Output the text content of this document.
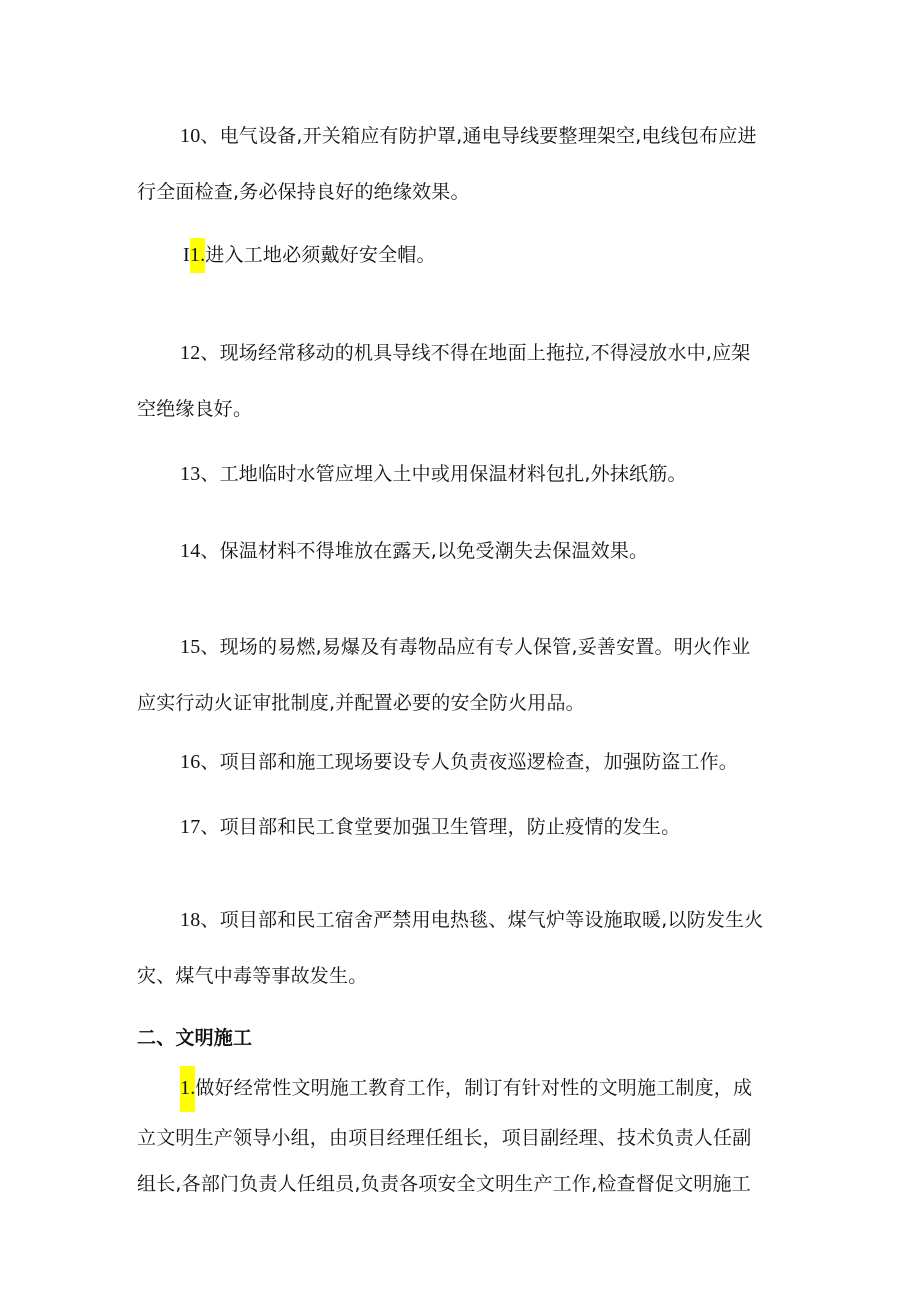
10、电气设备,开关箱应有防护罩,通电导线要整理架空,电线包布应进
行全面检查,务必保持良好的绝缘效果。
I1.进入工地必须戴好安全帽。
12、现场经常移动的机具导线不得在地面上拖拉,不得浸放水中,应架
空绝缘良好。
13、工地临时水管应埋入土中或用保温材料包扎,外抹纸筋。
14、保温材料不得堆放在露天,以免受潮失去保温效果。
15、现场的易燃,易爆及有毒物品应有专人保管,妥善安置。明火作业
应实行动火证审批制度,并配置必要的安全防火用品。
16、项目部和施工现场要设专人负责夜巡逻检查，加强防盗工作。
17、项目部和民工食堂要加强卫生管理，防止疫情的发生。
18、项目部和民工宿舍严禁用电热毯、煤气炉等设施取暖,以防发生火
灾、煤气中毒等事故发生。
二、文明施工
1.做好经常性文明施工教育工作，制订有针对性的文明施工制度，成
立文明生产领导小组，由项目经理任组长，项目副经理、技术负责人任副
组长,各部门负责人任组员,负责各项安全文明生产工作,检查督促文明施工
